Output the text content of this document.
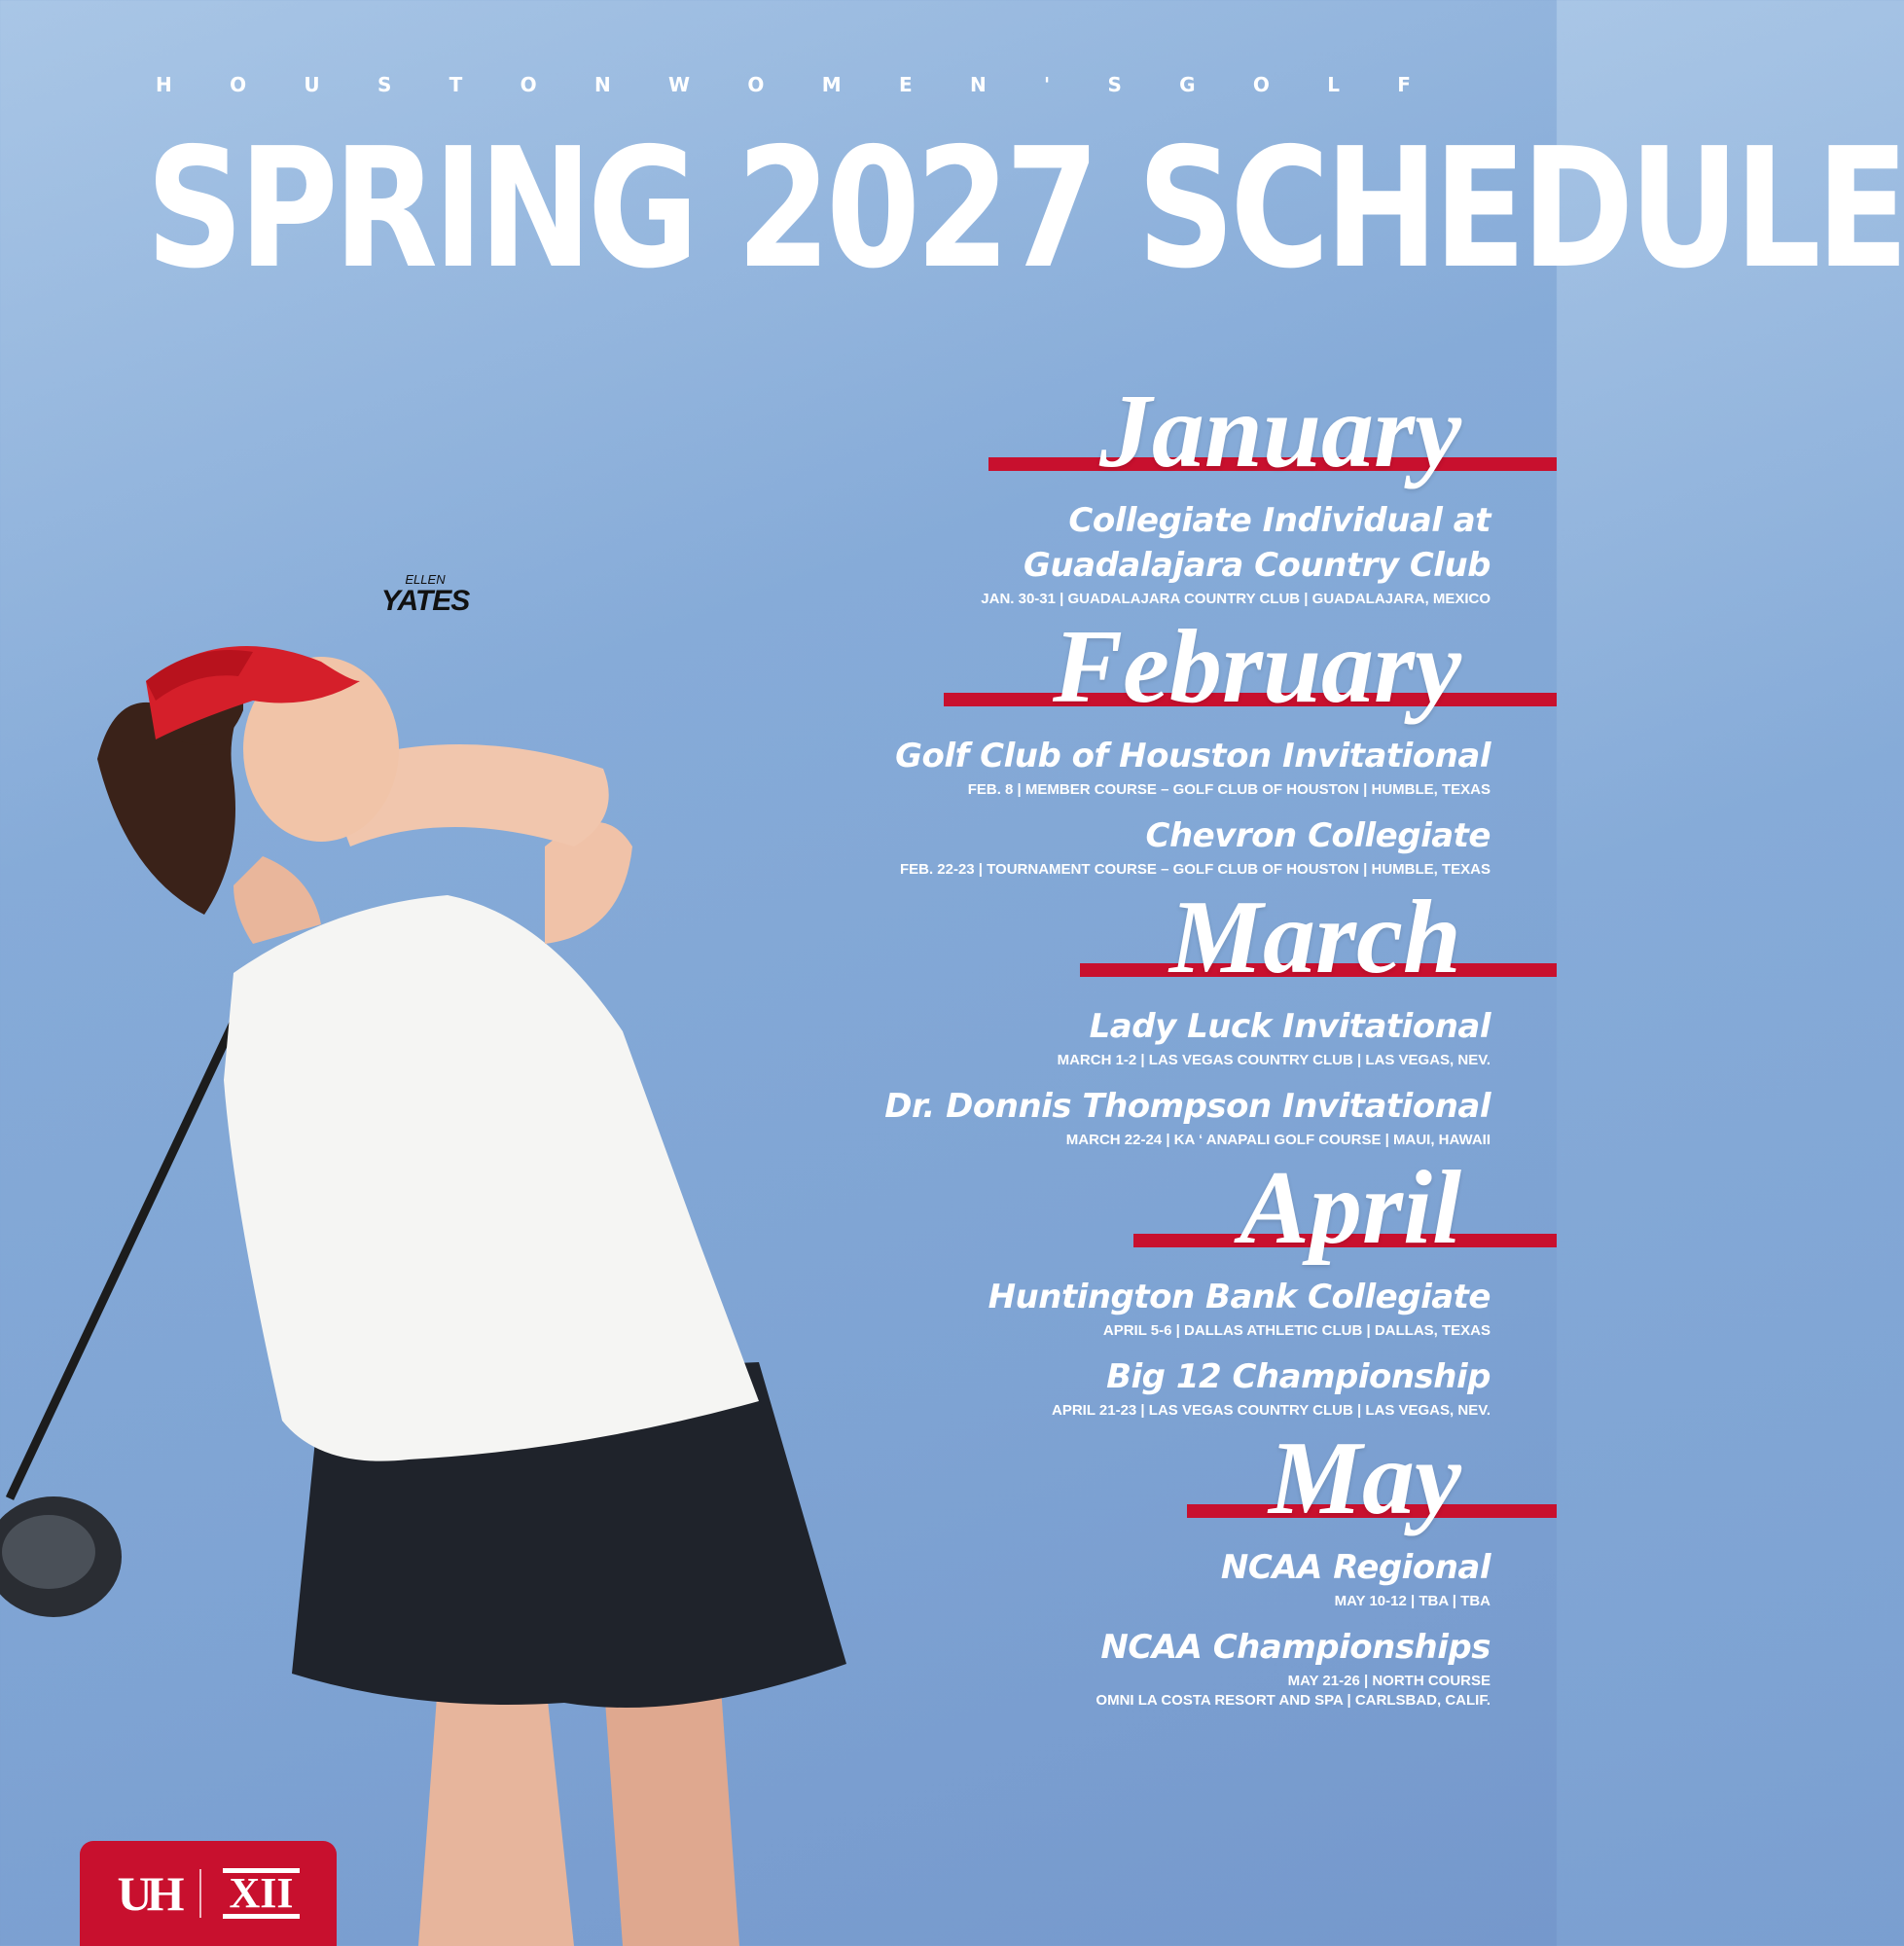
H	O	U	S	T	O	N	W	O	M	E	N	'	S	G	O	L	F
SPRING 2027 SCHEDULE
ELLEN
YATES
January
Collegiate Individual at Guadalajara Country Club
JAN. 30-31 | GUADALAJARA COUNTRY CLUB | GUADALAJARA, MEXICO
February
Golf Club of Houston Invitational
FEB. 8 | MEMBER COURSE – GOLF CLUB OF HOUSTON | HUMBLE, TEXAS
Chevron Collegiate
FEB. 22-23 | TOURNAMENT COURSE – GOLF CLUB OF HOUSTON | HUMBLE, TEXAS
March
Lady Luck Invitational
MARCH 1-2 | LAS VEGAS COUNTRY CLUB | LAS VEGAS, NEV.
Dr. Donnis Thompson Invitational
MARCH 22-24 | KA ‘ ANAPALI GOLF COURSE | MAUI, HAWAII
April
Huntington Bank Collegiate
APRIL 5-6 | DALLAS ATHLETIC CLUB | DALLAS, TEXAS
Big 12 Championship
APRIL 21-23 | LAS VEGAS COUNTRY CLUB | LAS VEGAS, NEV.
May
NCAA Regional
MAY 10-12 | TBA | TBA
NCAA Championships
MAY 21-26 | NORTH COURSE
OMNI LA COSTA RESORT AND SPA | CARLSBAD, CALIF.
UH XII
